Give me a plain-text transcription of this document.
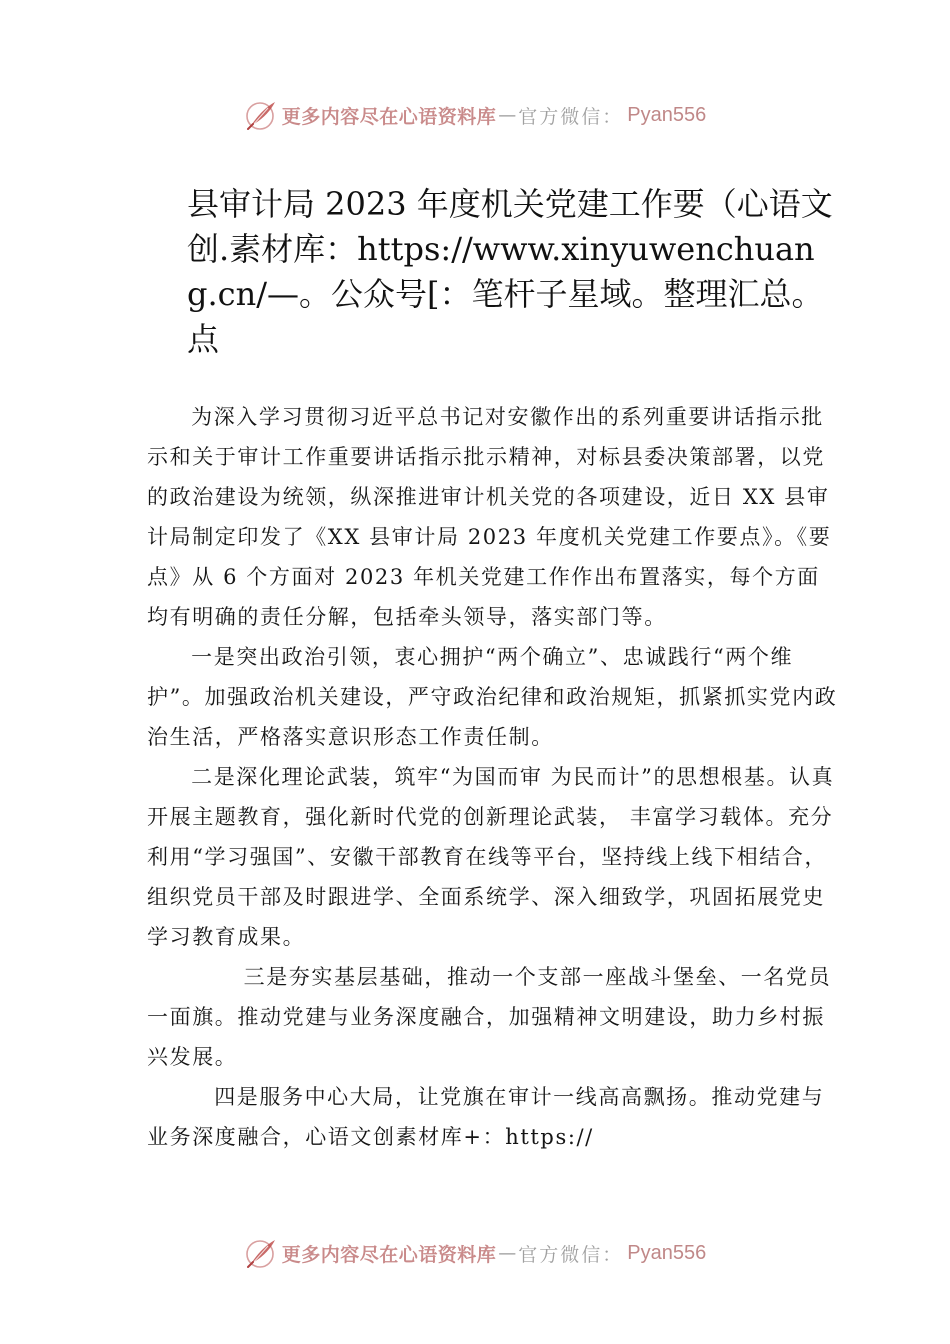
更多内容尽在心语资料库 — 官方微信： Pyan556
县审计局 2023 年度机关党建工作要（心语文创.素材库：https://www.xinyuwenchuang.cn/—。公众号[：笔杆子星域。整理汇总。点

为深入学习贯彻习近平总书记对安徽作出的系列重要讲话指示批示和关于审计工作重要讲话指示批示精神，对标县委决策部署，以党的政治建设为统领，纵深推进审计机关党的各项建设，近日 XX 县审计局制定印发了《XX 县审计局 2023 年度机关党建工作要点》。《要点》从 6 个方面对 2023 年机关党建工作作出布置落实，每个方面均有明确的责任分解，包括牵头领导，落实部门等。

一是突出政治引领，衷心拥护“两个确立”、忠诚践行“两个维护”。加强政治机关建设，严守政治纪律和政治规矩，抓紧抓实党内政治生活，严格落实意识形态工作责任制。

二是深化理论武装，筑牢“为国而审 为民而计”的思想根基。认真开展主题教育，强化新时代党的创新理论武装， 丰富学习载体。充分利用“学习强国”、安徽干部教育在线等平台，坚持线上线下相结合，组织党员干部及时跟进学、全面系统学、深入细致学，巩固拓展党史学习教育成果。

三是夯实基层基础，推动一个支部一座战斗堡垒、一名党员一面旗。推动党建与业务深度融合，加强精神文明建设，助力乡村振兴发展。

四是服务中心大局，让党旗在审计一线高高飘扬。推动党建与业务深度融合，心语文创素材库+：https://

更多内容尽在心语资料库 — 官方微信： Pyan556
